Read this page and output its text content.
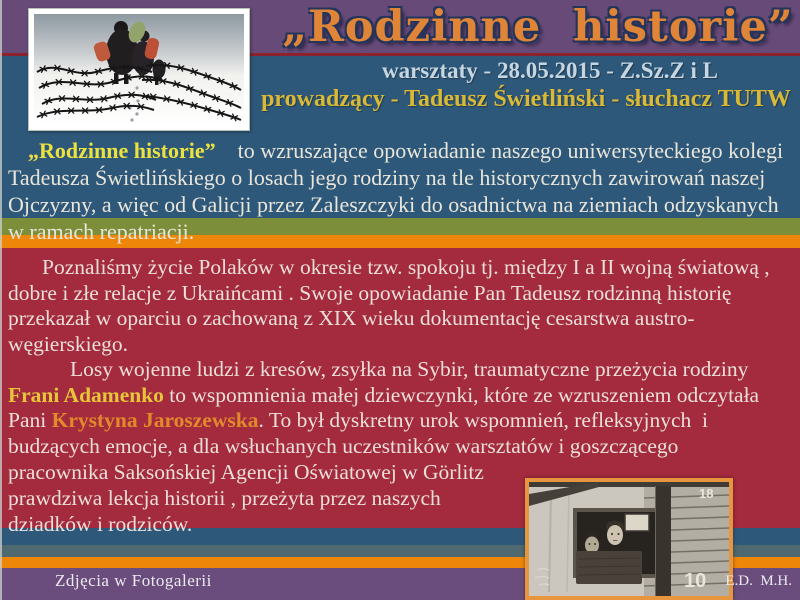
„Rodzinne  historie”
warsztaty - 28.05.2015 - Z.Sz.Z i L
prowadzący - Tadeusz Świetliński - słuchacz TUTW
„Rodzinne historie”    to wzruszające opowiadanie naszego uniwersyteckiego kolegi Tadeusza Świetlińskiego o losach jego rodziny na tle historycznych zawirowań naszej Ojczyzny, a więc od Galicji przez Zaleszczyki do osadnictwa na ziemiach odzyskanych w ramach repatriacji.
Poznaliśmy życie Polaków w okresie tzw. spokoju tj. między I a II wojną światową , dobre i złe relacje z Ukraińcami . Swoje opowiadanie Pan Tadeusz rodzinną historię przekazał w oparciu o zachowaną z XIX wieku dokumentację cesarstwa austro-węgierskiego.
Losy wojenne ludzi z kresów, zsyłka na Sybir, traumatyczne przeżycia rodziny Frani Adamenko to wspomnienia małej dziewczynki, które ze wzruszeniem odczytała Pani Krystyna Jaroszewska. To był dyskretny urok wspomnień, refleksyjnych  i budzących emocje, a dla wsłuchanych uczestników warsztatów i goszczącego
pracownika Saksońskiej Agencji Oświatowej w Görlitz prawdziwa lekcja historii , przeżyta przez naszych dziadków i rodziców.
18
10
Zdjęcia w Fotogalerii	E.D.  M.H.
